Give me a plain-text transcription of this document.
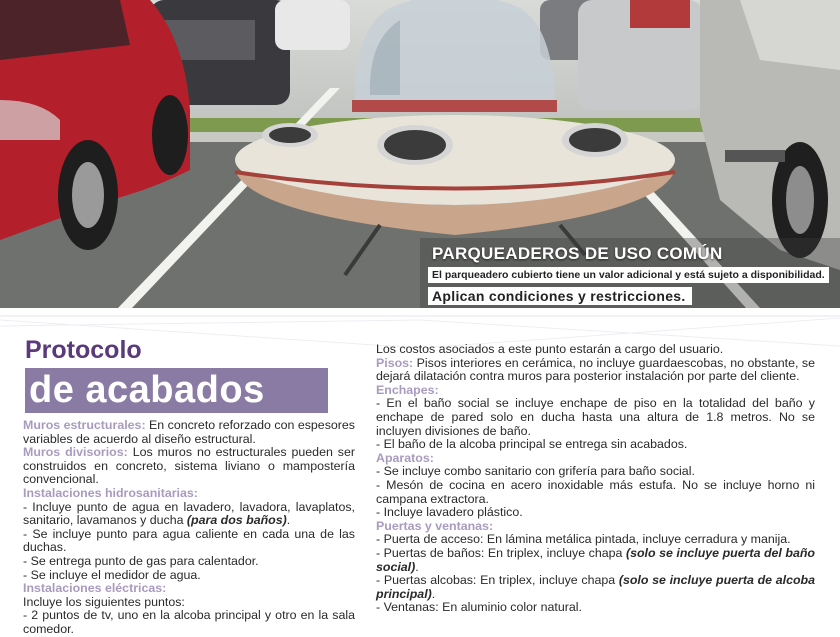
PARQUEADEROS DE USO COMÚN
El parqueadero cubierto tiene un valor adicional y está sujeto a disponibilidad.
Aplican condiciones y restricciones.
Protocolo
de acabados

Muros estructurales: En concreto reforzado con espesores variables de acuerdo al diseño estructural.

Muros divisorios: Los muros no estructurales pueden ser construidos en concreto, sistema liviano o mampostería convencional.

Instalaciones hidrosanitarias:

- Incluye punto de agua en lavadero, lavadora, lavaplatos, sanitario, lavamanos y ducha (para dos baños).

- Se incluye punto para agua caliente en cada una de las duchas.

- Se entrega punto de gas para calentador.

- Se incluye el medidor de agua.

Instalaciones eléctricas:

Incluye los siguientes puntos:

- 2 puntos de tv, uno en la alcoba principal y otro en la sala comedor.

Los costos asociados a este punto estarán a cargo del usuario.

Pisos: Pisos interiores en cerámica, no incluye guardaescobas, no obstante, se dejará dilatación contra muros para posterior instalación por parte del cliente.

Enchapes:

- En el baño social se incluye enchape de piso en la totalidad del baño y enchape de pared solo en ducha hasta una altura de 1.8 metros. No se incluyen divisiones de baño.

- El baño de la alcoba principal se entrega sin acabados.

Aparatos:

- Se incluye combo sanitario con grifería para baño social.

- Mesón de cocina en acero inoxidable más estufa. No se incluye horno ni campana extractora.

- Incluye lavadero plástico.

Puertas y ventanas:

- Puerta de acceso: En lámina metálica pintada, incluye cerradura y manija.

- Puertas de baños: En triplex, incluye chapa (solo se incluye puerta del baño social).

- Puertas alcobas: En triplex, incluye chapa (solo se incluye puerta de alcoba principal).

- Ventanas: En aluminio color natural.
